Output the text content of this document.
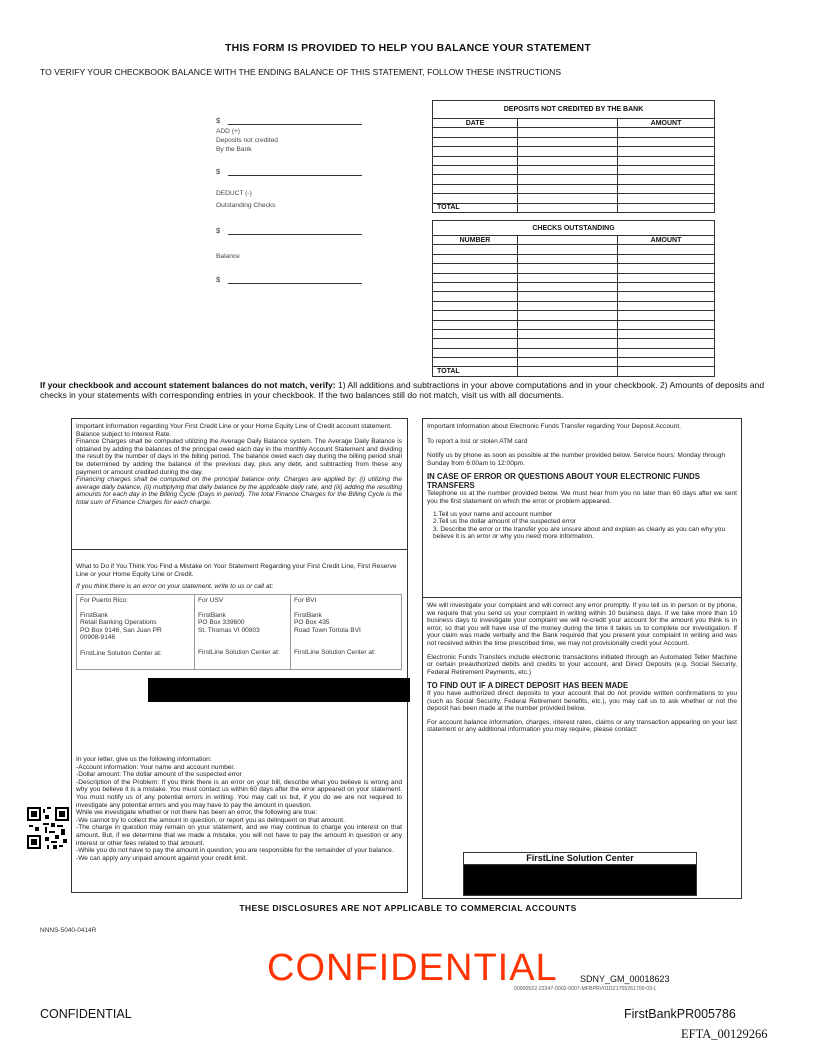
THIS FORM IS PROVIDED TO HELP YOU BALANCE YOUR STATEMENT
TO VERIFY YOUR CHECKBOOK BALANCE WITH THE ENDING BALANCE OF THIS STATEMENT, FOLLOW THESE INSTRUCTIONS
$
ADD (+)
Deposits not credited
By the Bank
$
DEDUCT (-)
Outstanding Checks
$
Balance
$
DEPOSITS NOT CREDITED BY THE BANK		
DATE		AMOUNT

TOTAL		
CHECKS OUTSTANDING		
NUMBER		AMOUNT

TOTAL		
If your checkbook and account statement balances do not match, verify: 1) All additions and subtractions in your above computations and in your checkbook. 2) Amounts of deposits and checks in your statements with corresponding entries in your checkbook. If the two balances still do not match, visit us with all documents.

Important information regarding Your First Credit Line or your Home Equity Line of Credit account statement.

Balance subject to Interest Rate.

Finance Charges shall be computed utilizing the Average Daily Balance system. The Average Daily Balance is obtained by adding the balances of the principal owed each day in the monthly Account Statement and dividing the result by the number of days in the billing period. The balance owed each day during the billing period shall be determined by adding the balance of the previous day, plus any debt, and subtracting from these any payment or amount credited during the day.

Financing charges shall be computed on the principal balance only. Charges are applied by: (i) utilizing the average daily balance, (ii) multiplying that daily balance by the applicable daily rate, and (iii) adding the resulting amounts for each day in the Billing Cycle (Days in period). The total Finance Charges for the Billing Cycle is the total sum of Finance Charges for each charge.

What to Do if You Think You Find a Mistake on Your Statement Regarding your First Credit Line, First Reserve Line or your Home Equity Line or Credit.

If you think there is an error on your statement, write to us or call at:

For Puerto Rico:
FirstBank
Retail Banking Operations
PO Box 9146, San Juan PR
00908-9146
FirstLine Solution Center at:

For USV
FirstBank
PO Box 339600
St. Thomas VI 00803
FirstLine Solution Center at:

For BVI
FirstBank
PO Box 435
Road Town Tortola BVI
FirstLine Solution Center at:

In your letter, give us the following information:

-Account information: Your name and account number.

-Dollar amount: The dollar amount of the suspected error

-Description of the Problem: If you think there is an error on your bill, describe what you believe is wrong and why you believe it is a mistake. You must contact us within 60 days after the error appeared on your statement. You must notify us of any potential errors in writing. You may call us but, if you do we are not required to investigate any potential errors and you may have to pay the amount in question.

While we investigate whether or not there has been an error, the following are true:

-We cannot try to collect the amount in question, or report you as delinquent on that amount.

-The charge in question may remain on your statement, and we may continue to charge you interest on that amount. But, if we determine that we made a mistake, you will not have to pay the amount in question or any interest or other fees related to that amount.

-While you do not have to pay the amount in question, you are responsible for the remainder of your balance.

-We can apply any unpaid amount against your credit limit.

Important Information about Electronic Funds Transfer regarding Your Deposit Account.

To report a lost or stolen ATM card

Notify us by phone as soon as possible at the number provided below. Service hours: Monday through Sunday from 6:00am to 12:00pm.

IN CASE OF ERROR OR QUESTIONS ABOUT YOUR ELECTRONIC FUNDS TRANSFERS

Telephone us at the number provided below. We must hear from you no later than 60 days after we sent you the first statement on which the error or problem appeared.

1.Tell us your name and account number

2.Tell us the dollar amount of the suspected error

3. Describe the error or the transfer you are unsure about and explain as clearly as you can why you believe it is an error or why you need more information.

We will investigate your complaint and will correct any error promptly. If you tell us in person or by phone, we require that you send us your complaint in writing within 10 business days. If we take more than 10 business days to investigate your complaint we will re-credit your account for the amount you think is in error, so that you will have use of the money during the time it takes us to complete our investigation. If your claim was made verbally and the Bank required that you present your complaint in writing and was not received within the time prescribed time, we may not provisionally credit your Account.

Electronic Funds Transfers include electronic transactions initiated through an Automated Teller Machine or certain preauthorized debits and credits to your account, and Direct Deposits (e.g. Social Security, Federal Retirement Payments, etc.)

TO FIND OUT IF A DIRECT DEPOSIT HAS BEEN MADE

If you have authorized direct deposits to your account that do not provide written confirmations to you (such as Social Security, Federal Retirement benefits, etc.), you may call us to ask whether or not the deposit has been made at the number provided below.

For account balance information, charges, interest rates, claims or any transaction appearing on your last statement or any additional information you may require, please contact:

FirstLine Solution Center
THESE DISCLOSURES ARE NOT APPLICABLE TO COMMERCIAL ACCOUNTS
NNNS-5040-0414R
CONFIDENTIAL SDNY_GM_00018623
00000522-22247-0002-0007-MFBPRV01DZ1705261700-03-L
CONFIDENTIAL	FirstBankPR005786
EFTA_00129266
